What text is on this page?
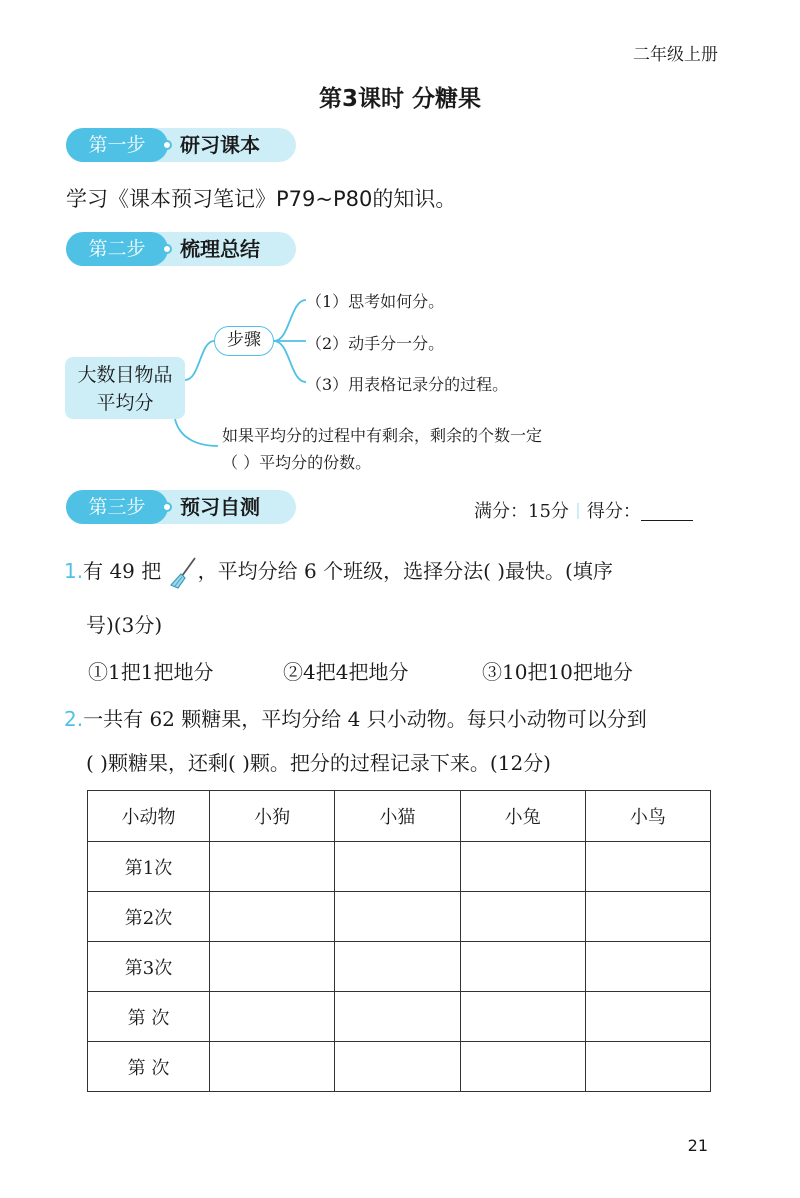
二年级上册
第3课时 分糖果
第一步	研习课本
学习《课本预习笔记》P79~P80的知识。
第二步	梳理总结
大数目物品
平均分
步骤
（1）思考如何分。
（2）动手分一分。
（3）用表格记录分的过程。
如果平均分的过程中有剩余，剩余的个数一定
（ ）平均分的份数。
第三步	预习自测	满分：15分 得分：
1.有 49 把 ，平均分给 6 个班级，选择分法( )最快。(填序
号)(3分)
①1把1把地分	②4把4把地分	③10把10把地分
2.一共有 62 颗糖果，平均分给 4 只小动物。每只小动物可以分到
( )颗糖果，还剩( )颗。把分的过程记录下来。(12分)
小动物	小狗	小猫	小兔	小鸟
第1次				
第2次				
第3次				
第 次				
第 次				
21
